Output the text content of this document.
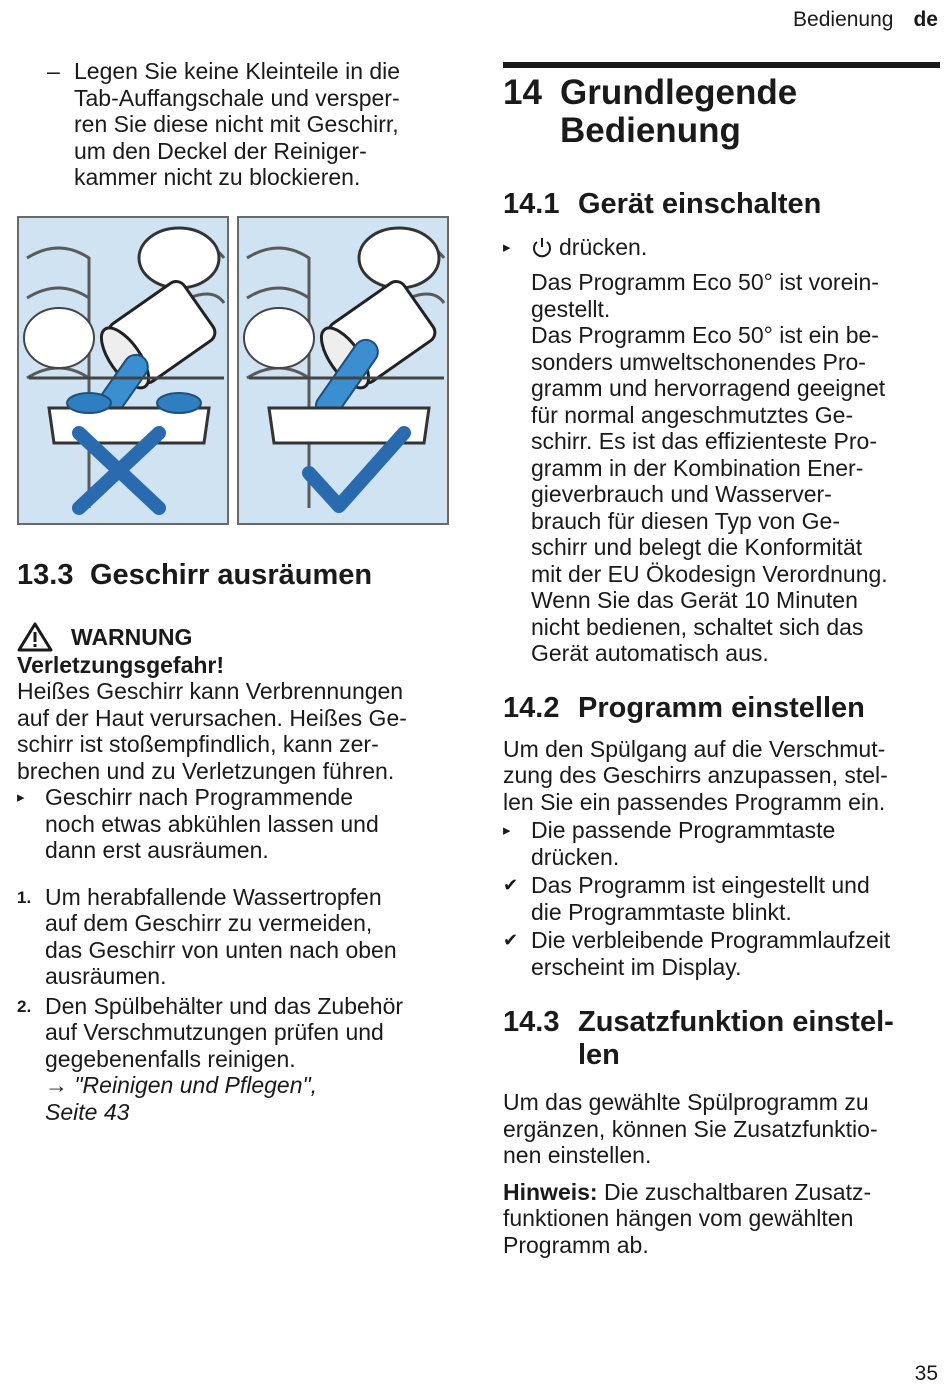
Bedienung de
– Legen Sie keine Kleinteile in die

Tab-Auffangschale und versper-

ren Sie diese nicht mit Geschirr,

um den Deckel der Reiniger-

kammer nicht zu blockieren.

13.3 Geschirr ausräumen
WARNUNG

Verletzungsgefahr!

Heißes Geschirr kann Verbrennungen

auf der Haut verursachen. Heißes Ge-

schirr ist stoßempfindlich, kann zer-

brechen und zu Verletzungen führen.

▸ Geschirr nach Programmende
noch etwas abkühlen lassen und
dann erst ausräumen.
1. Um herabfallende Wassertropfen
auf dem Geschirr zu vermeiden,
das Geschirr von unten nach oben
ausräumen.
2. Den Spülbehälter und das Zubehör
auf Verschmutzungen prüfen und
gegebenenfalls reinigen.
→ "Reinigen und Pflegen",
Seite 43
14 Grundlegende
Bedienung
14.1 Gerät einschalten
▸	drücken.

Das Programm Eco 50° ist vorein-

gestellt.

Das Programm Eco 50° ist ein be-

sonders umweltschonendes Pro-

gramm und hervorragend geeignet

für normal angeschmutztes Ge-

schirr. Es ist das effizienteste Pro-

gramm in der Kombination Ener-

gieverbrauch und Wasserver-

brauch für diesen Typ von Ge-

schirr und belegt die Konformität

mit der EU Ökodesign Verordnung.

Wenn Sie das Gerät 10 Minuten

nicht bedienen, schaltet sich das

Gerät automatisch aus.

14.2 Programm einstellen

Um den Spülgang auf die Verschmut-

zung des Geschirrs anzupassen, stel-

len Sie ein passendes Programm ein.

▸ Die passende Programmtaste
drücken.
✔ Das Programm ist eingestellt und
die Programmtaste blinkt.
✔ Die verbleibende Programmlaufzeit
erscheint im Display.
14.3 Zusatzfunktion einstel-
len

Um das gewählte Spülprogramm zu

ergänzen, können Sie Zusatzfunktio-

nen einstellen.

Hinweis: Die zuschaltbaren Zusatz-

funktionen hängen vom gewählten

Programm ab.

35
